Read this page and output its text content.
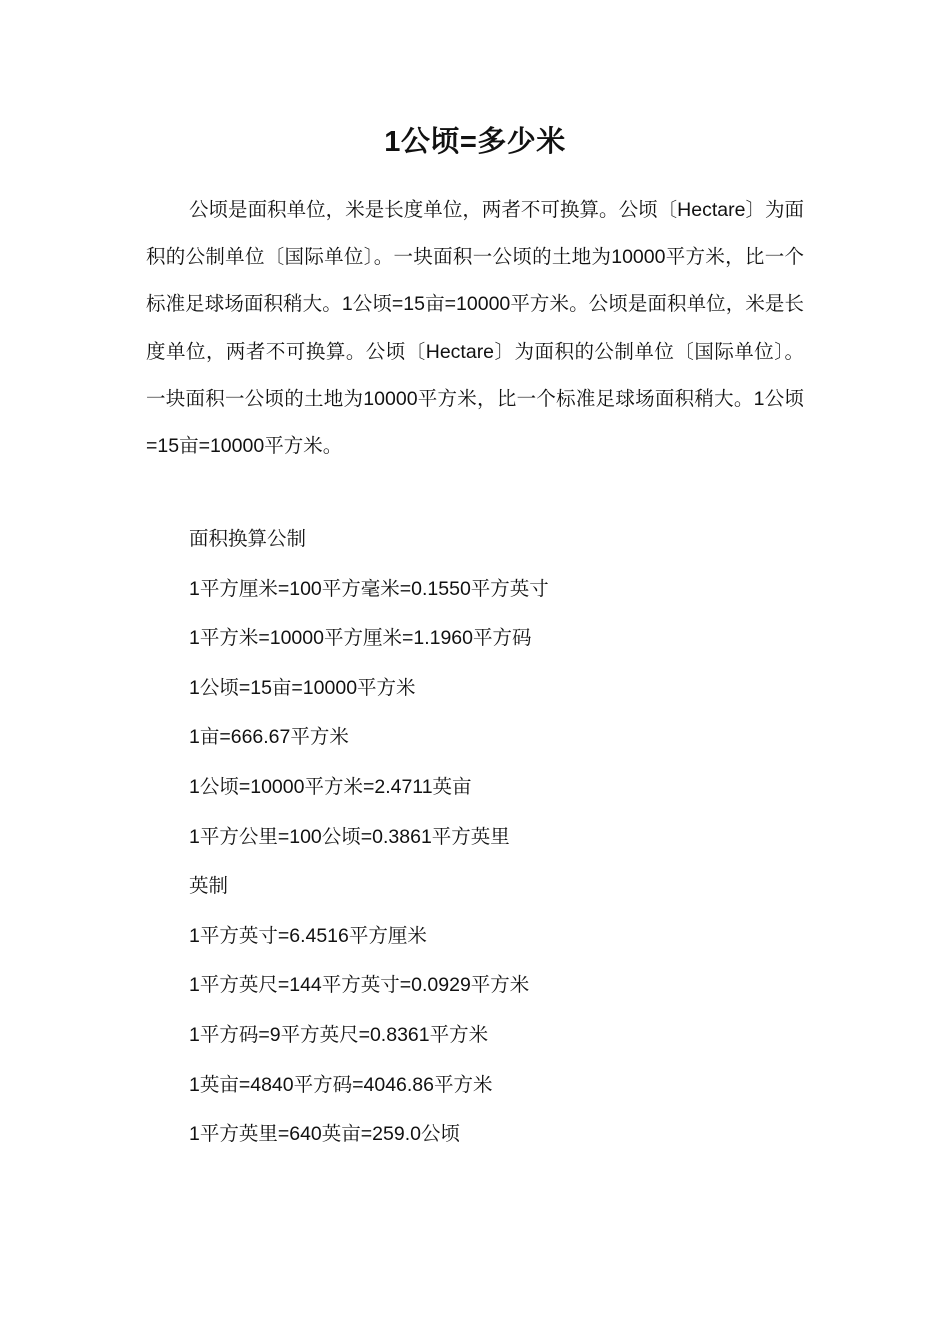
1公顷=多少米

公顷是面积单位，米是长度单位，两者不可换算。公顷〔Hectare〕为面积的公制单位〔国际单位〕。一块面积一公顷的土地为10000平方米，比一个标准足球场面积稍大。1公顷=15亩=10000平方米。公顷是面积单位，米是长度单位，两者不可换算。公顷〔Hectare〕为面积的公制单位〔国际单位〕。一块面积一公顷的土地为10000平方米，比一个标准足球场面积稍大。1公顷=15亩=10000平方米。

面积换算公制
1平方厘米=100平方毫米=0.1550平方英寸
1平方米=10000平方厘米=1.1960平方码
1公顷=15亩=10000平方米
1亩=666.67平方米
1公顷=10000平方米=2.4711英亩
1平方公里=100公顷=0.3861平方英里
英制
1平方英寸=6.4516平方厘米
1平方英尺=144平方英寸=0.0929平方米
1平方码=9平方英尺=0.8361平方米
1英亩=4840平方码=4046.86平方米
1平方英里=640英亩=259.0公顷
